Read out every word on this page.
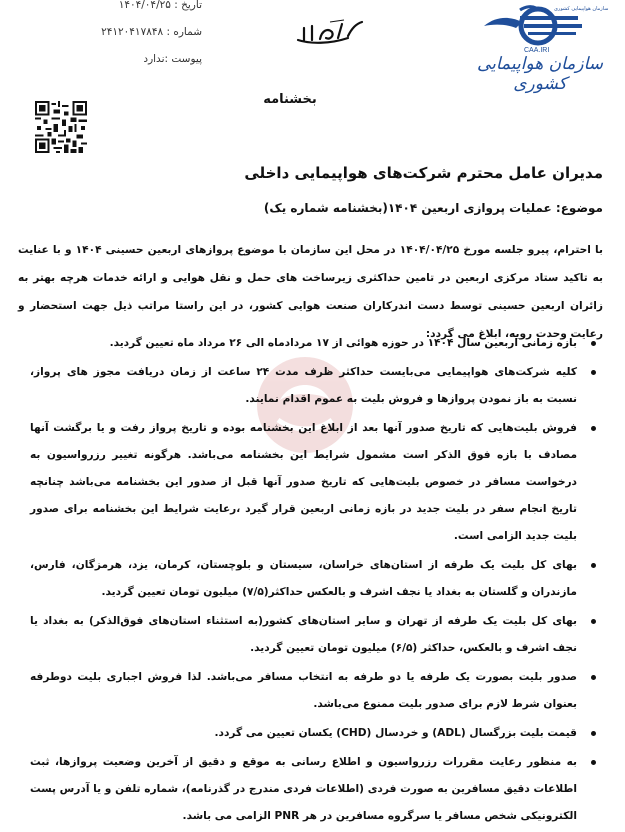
تاریخ : ۱۴۰۴/۰۴/۲۵
شماره : ۲۴۱۲۰۴۱۷۸۴۸
پیوست :ندارد
CAA.IRI
سازمان هواپیمایی کشوری
سازمان هواپیمایی کشوری
بخشنامه
مدیران عامل محترم شرکت‌های هواپیمایی داخلی
موضوع: عملیات پروازی اربعین ۱۴۰۴(بخشنامه شماره یک)
با احترام، پیرو جلسه مورخ ۱۴۰۴/۰۴/۲۵ در محل این سازمان با موضوع پروازهای اربعین حسینی ۱۴۰۴ و با عنایت به تاکید ستاد مرکزی اربعین در تامین حداکثری زیرساخت های حمل و نقل هوایی و ارائه خدمات هرچه بهتر به زائران اربعین حسینی توسط دست اندرکاران صنعت هوایی کشور، در این راستا مراتب ذیل جهت استحضار و رعایت وحدت رویه، ابلاغ می گردد:
بازه زمانی اربعین سال ۱۴۰۴ در حوزه هوائی از ۱۷ مردادماه الی ۲۶ مرداد ماه تعیین گردید.
کلیه شرکت‌های هواپیمایی می‌بایست حداکثر ظرف مدت ۲۴ ساعت از زمان دریافت مجوز های پرواز، نسبت به باز نمودن پروازها و فروش بلیت به عموم اقدام نمایند.
فروش بلیت‌هایی که تاریخ صدور آنها بعد از ابلاغ این بخشنامه بوده و تاریخ پرواز رفت و یا برگشت آنها مصادف با بازه فوق الذکر است مشمول شرایط این بخشنامه می‌باشد. هرگونه تغییر رزرواسیون به درخواست مسافر در خصوص بلیت‌هایی که تاریخ صدور آنها قبل از صدور این بخشنامه می‌باشد چنانچه تاریخ انجام سفر در بلیت جدید در بازه زمانی اربعین قرار گیرد ،رعایت شرایط این بخشنامه برای صدور بلیت جدید الزامی است.
بهای کل بلیت یک طرفه از استان‌های خراسان، سیستان و بلوچستان، کرمان، یزد، هرمزگان، فارس، مازندران و گلستان به بغداد یا نجف اشرف و بالعکس حداکثر(۷/۵) میلیون تومان تعیین گردید.
بهای کل بلیت یک طرفه از تهران و سایر استان‌های کشور(به استثناء استان‌های فوق‌الذکر) به بغداد یا نجف اشرف و بالعکس، حداکثر (۶/۵) میلیون تومان تعیین گردید.
صدور بلیت بصورت یک طرفه یا دو طرفه به انتخاب مسافر می‌باشد. لذا فروش اجباری بلیت دوطرفه بعنوان شرط لازم برای صدور بلیت ممنوع می‌باشد.
قیمت بلیت بزرگسال (ADL) و خردسال (CHD) یکسان تعیین می گردد.
به منظور رعایت مقررات رزرواسیون و اطلاع رسانی به موقع و دقیق از آخرین وضعیت پروازها، ثبت اطلاعات دقیق مسافرین به صورت فردی (اطلاعات فردی مندرج در گذرنامه)، شماره تلفن و یا آدرس پست الکترونیکی شخص مسافر یا سرگروه مسافرین در هر PNR الزامی می باشد.
